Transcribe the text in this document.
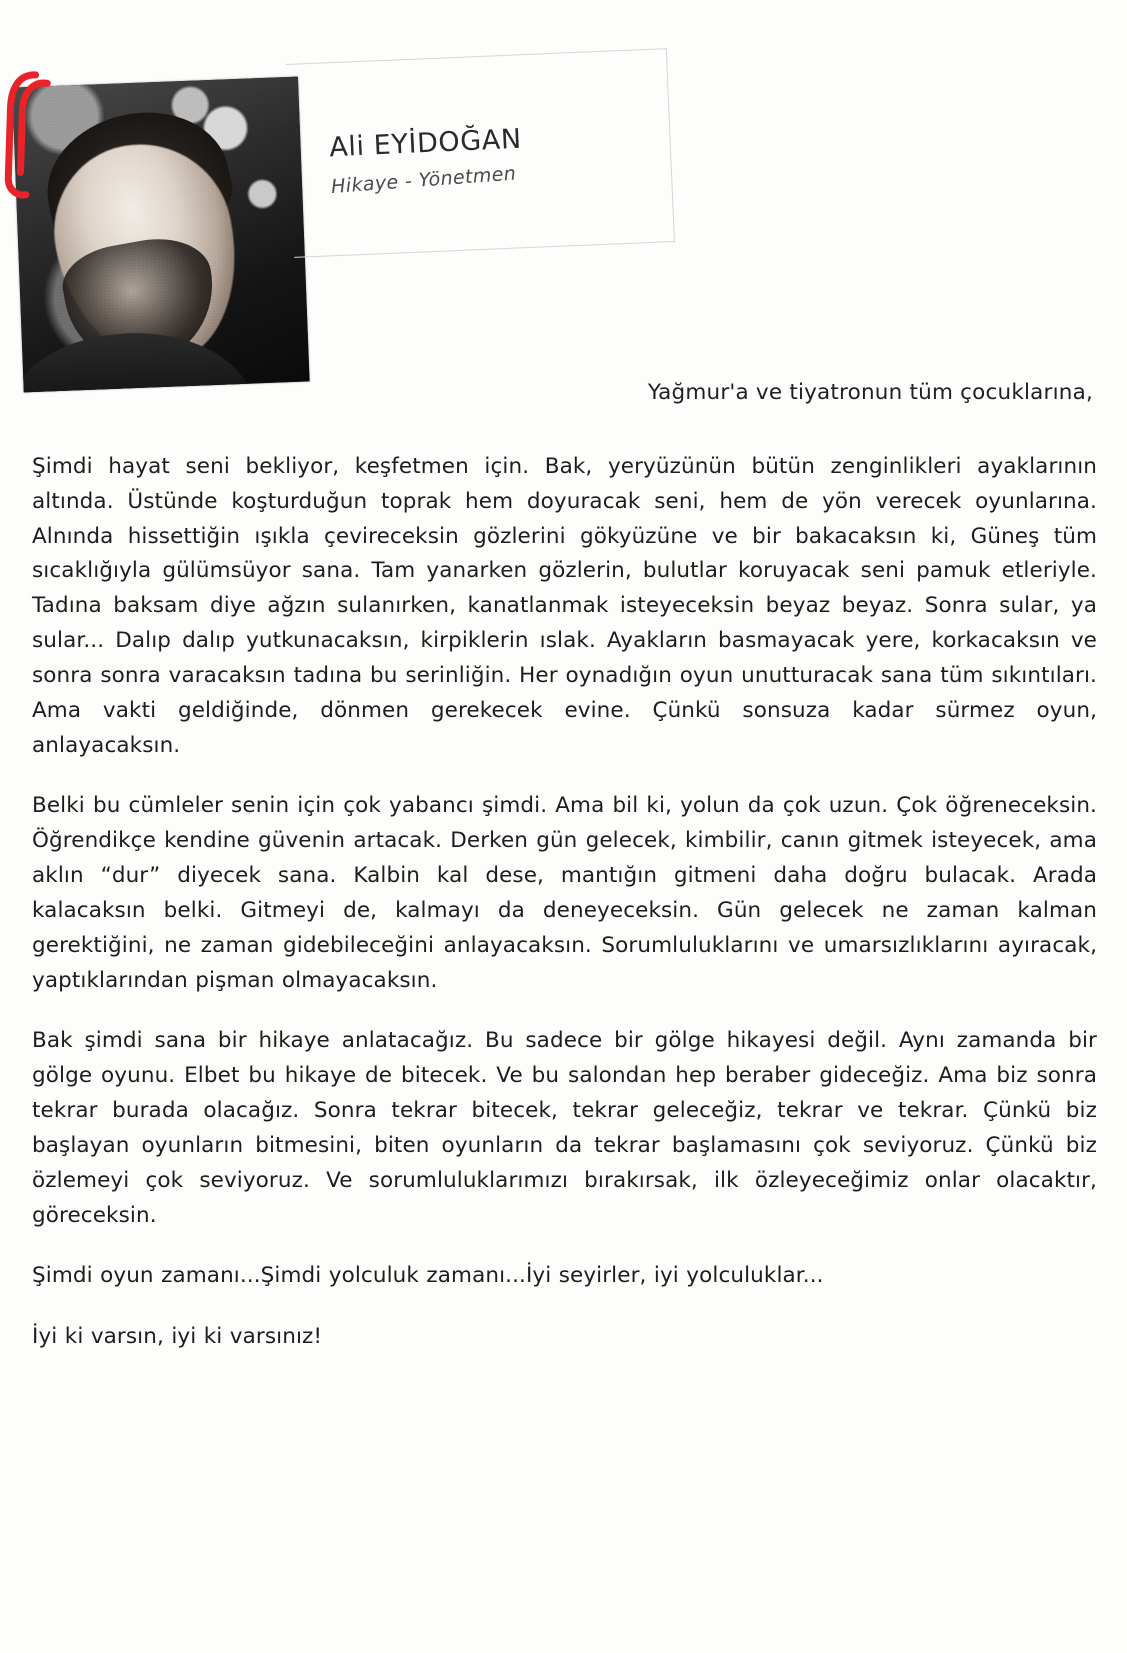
Ali EYİDOĞAN
Hikaye - Yönetmen
Yağmur'a ve tiyatronun tüm çocuklarına,

Şimdi hayat seni bekliyor, keşfetmen için. Bak, yeryüzünün bütün zenginlikleri ayaklarının altında. Üstünde koşturduğun toprak hem doyuracak seni, hem de yön verecek oyunlarına. Alnında hissettiğin ışıkla çevireceksin gözlerini gökyüzüne ve bir bakacaksın ki, Güneş tüm sıcaklığıyla gülümsüyor sana. Tam yanarken gözlerin, bulutlar koruyacak seni pamuk etleriyle. Tadına baksam diye ağzın sulanırken, kanatlanmak isteyeceksin beyaz beyaz. Sonra sular, ya sular... Dalıp dalıp yutkunacaksın, kirpiklerin ıslak. Ayakların basmayacak yere, korkacaksın ve sonra sonra varacaksın tadına bu serinliğin. Her oynadığın oyun unutturacak sana tüm sıkıntıları. Ama vakti geldiğinde, dönmen gerekecek evine. Çünkü sonsuza kadar sürmez oyun, anlayacaksın.

Belki bu cümleler senin için çok yabancı şimdi. Ama bil ki, yolun da çok uzun. Çok öğreneceksin. Öğrendikçe kendine güvenin artacak. Derken gün gelecek, kimbilir, canın gitmek isteyecek, ama aklın “dur” diyecek sana. Kalbin kal dese, mantığın gitmeni daha doğru bulacak. Arada kalacaksın belki. Gitmeyi de, kalmayı da deneyeceksin. Gün gelecek ne zaman kalman gerektiğini, ne zaman gidebileceğini anlayacaksın. Sorumluluklarını ve umarsızlıklarını ayıracak, yaptıklarından pişman olmayacaksın.

Bak şimdi sana bir hikaye anlatacağız. Bu sadece bir gölge hikayesi değil. Aynı zamanda bir gölge oyunu. Elbet bu hikaye de bitecek. Ve bu salondan hep beraber gideceğiz. Ama biz sonra tekrar burada olacağız. Sonra tekrar bitecek, tekrar geleceğiz, tekrar ve tekrar. Çünkü biz başlayan oyunların bitmesini, biten oyunların da tekrar başlamasını çok seviyoruz. Çünkü biz özlemeyi çok seviyoruz. Ve sorumluluklarımızı bırakırsak, ilk özleyeceğimiz onlar olacaktır, göreceksin.

Şimdi oyun zamanı...Şimdi yolculuk zamanı...İyi seyirler, iyi yolculuklar...

İyi ki varsın, iyi ki varsınız!
